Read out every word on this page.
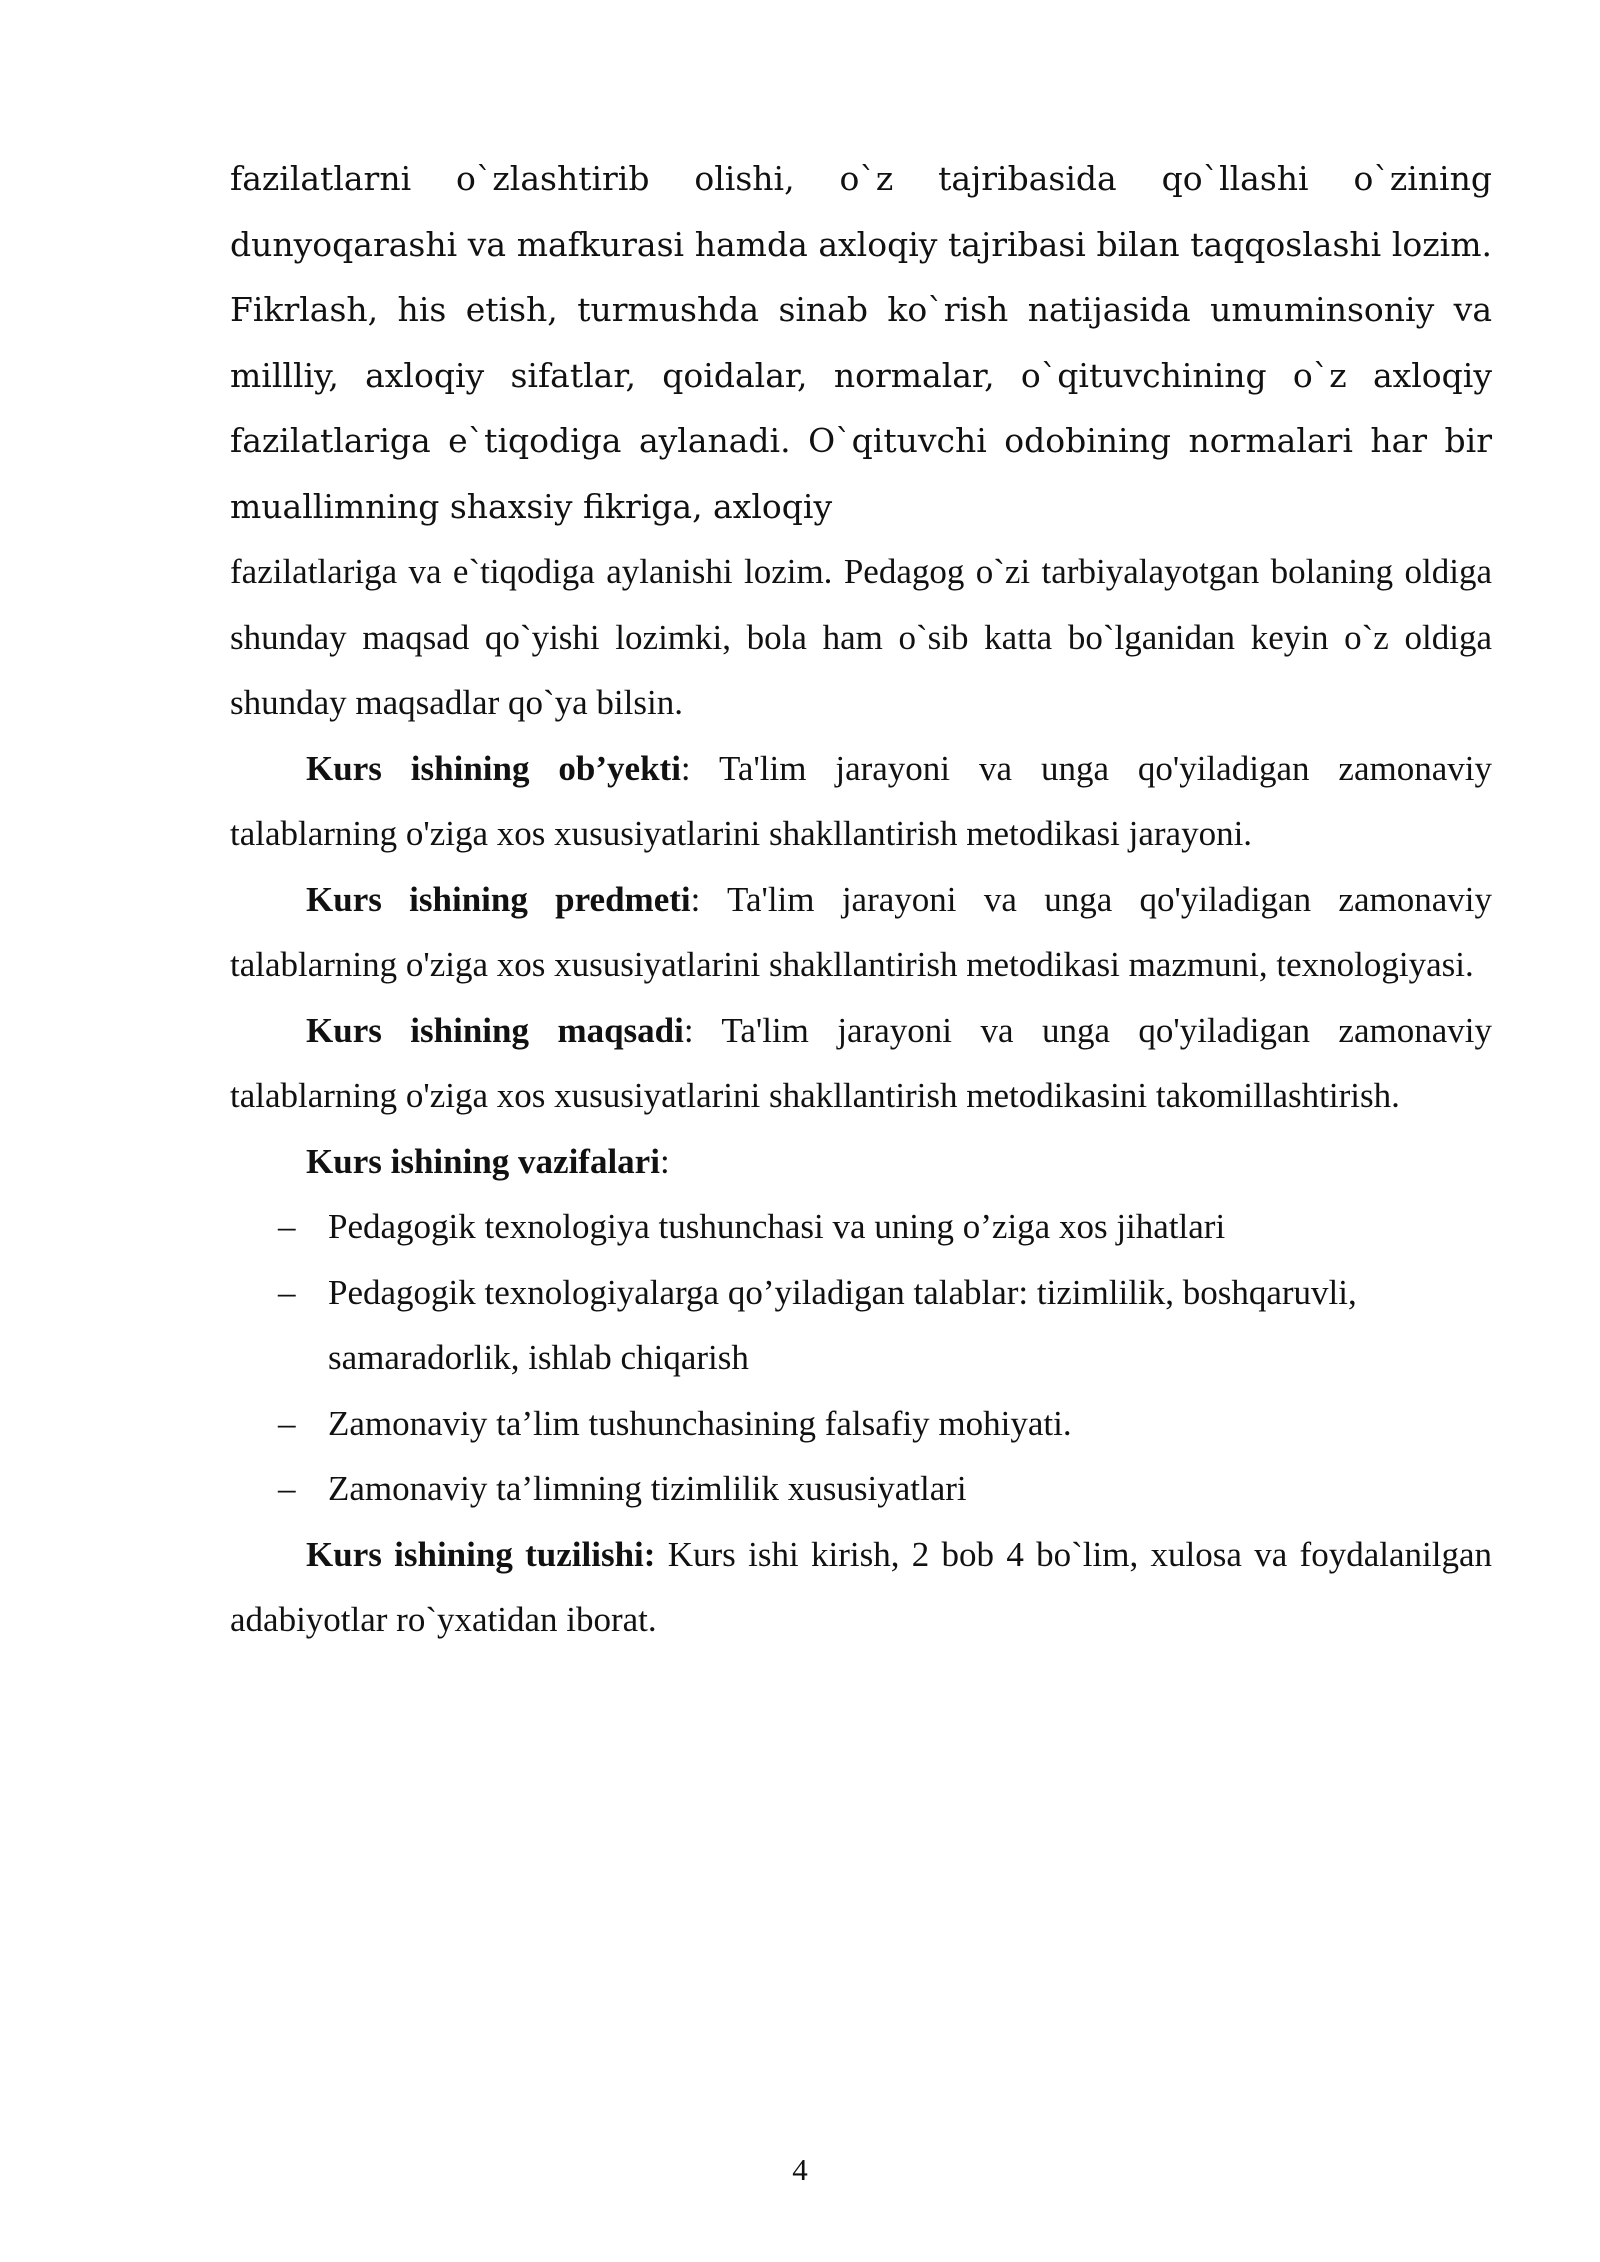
fazilatlarni o`zlashtirib olishi, o`z tajribasida qo`llashi o`zining dunyoqarashi va mafkurasi hamda axloqiy tajribasi bilan taqqoslashi lozim. Fikrlash, his etish, turmushda sinab ko`rish natijasida umuminsoniy va millliy, axloqiy sifatlar, qoidalar, normalar, o`qituvchining o`z axloqiy fazilatlariga e`tiqodiga aylanadi. O`qituvchi odobining normalari har bir muallimning shaxsiy fikriga, axloqiy

fazilatlariga va e`tiqodiga aylanishi lozim. Pedagog o`zi tarbiyalayotgan bolaning oldiga shunday maqsad qo`yishi lozimki, bola ham o`sib katta bo`lganidan keyin o`z oldiga shunday maqsadlar qo`ya bilsin.

Kurs ishining ob’yekti: Ta'lim jarayoni va unga qo'yiladigan zamonaviy talablarning o'ziga xos xususiyatlarini shakllantirish metodikasi jarayoni.

Kurs ishining predmeti: Ta'lim jarayoni va unga qo'yiladigan zamonaviy talablarning o'ziga xos xususiyatlarini shakllantirish metodikasi mazmuni, texnologiyasi.

Kurs ishining maqsadi: Ta'lim jarayoni va unga qo'yiladigan zamonaviy talablarning o'ziga xos xususiyatlarini shakllantirish metodikasini takomillashtirish.

Kurs ishining vazifalari:

– Pedagogik texnologiya tushunchasi va uning o’ziga xos jihatlari
– Pedagogik texnologiyalarga qo’yiladigan talablar: tizimlilik, boshqaruvli, samaradorlik, ishlab chiqarish
– Zamonaviy ta’lim tushunchasining falsafiy mohiyati.
– Zamonaviy ta’limning tizimlilik xususiyatlari

Kurs ishining tuzilishi: Kurs ishi kirish, 2 bob 4 bo`lim, xulosa va foydalanilgan adabiyotlar ro`yxatidan iborat.

4
